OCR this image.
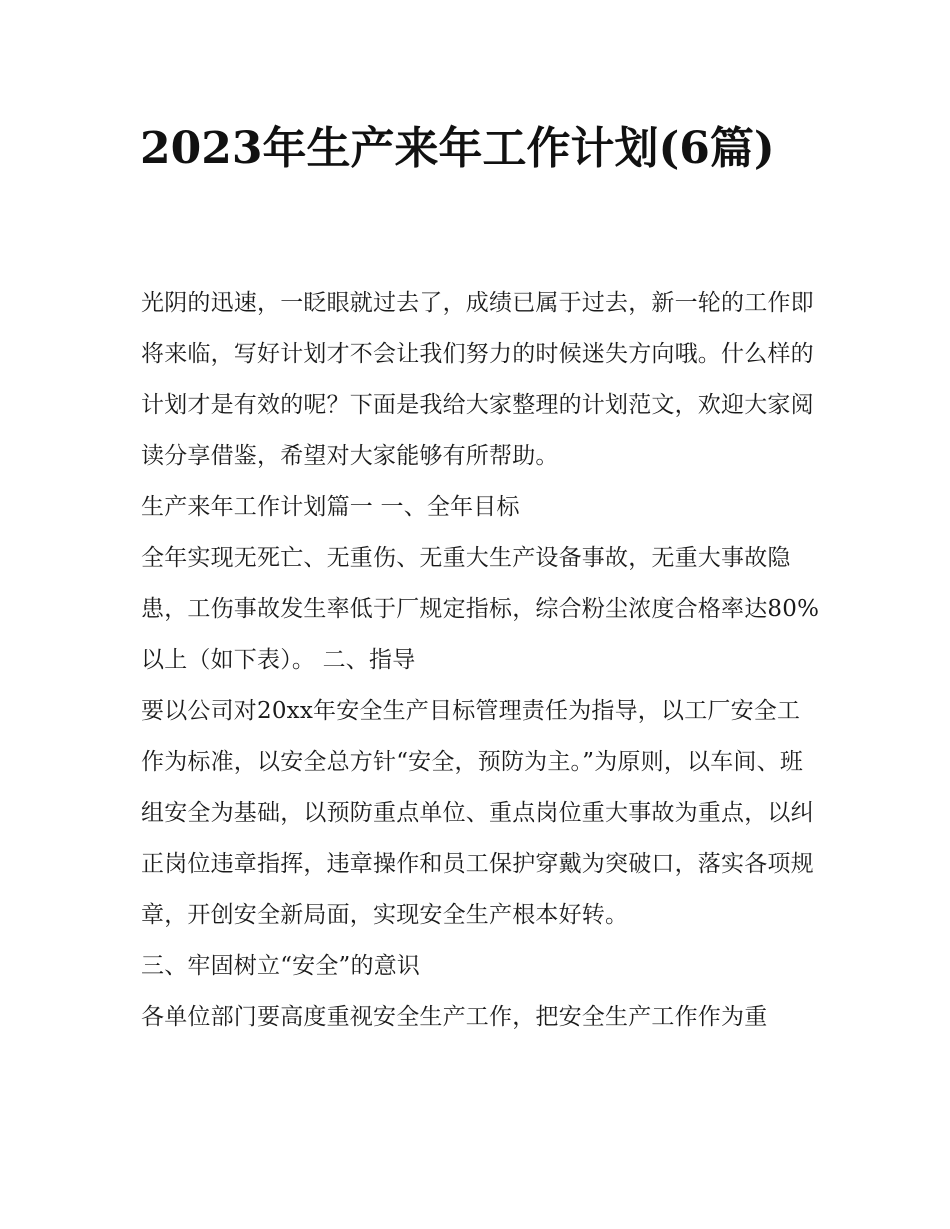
2023年生产来年工作计划(6篇)

光阴的迅速，一眨眼就过去了，成绩已属于过去，新一轮的工作即将来临，写好计划才不会让我们努力的时候迷失方向哦。什么样的计划才是有效的呢？下面是我给大家整理的计划范文，欢迎大家阅读分享借鉴，希望对大家能够有所帮助。

生产来年工作计划篇一 一、全年目标

全年实现无死亡、无重伤、无重大生产设备事故，无重大事故隐患，工伤事故发生率低于厂规定指标，综合粉尘浓度合格率达80%以上（如下表）。 二、指导

要以公司对20xx年安全生产目标管理责任为指导，以工厂安全工作为标准，以安全总方针“安全，预防为主。”为原则，以车间、班组安全为基础，以预防重点单位、重点岗位重大事故为重点，以纠正岗位违章指挥，违章操作和员工保护穿戴为突破口，落实各项规章，开创安全新局面，实现安全生产根本好转。

三、牢固树立“安全”的意识

各单位部门要高度重视安全生产工作，把安全生产工作作为重
